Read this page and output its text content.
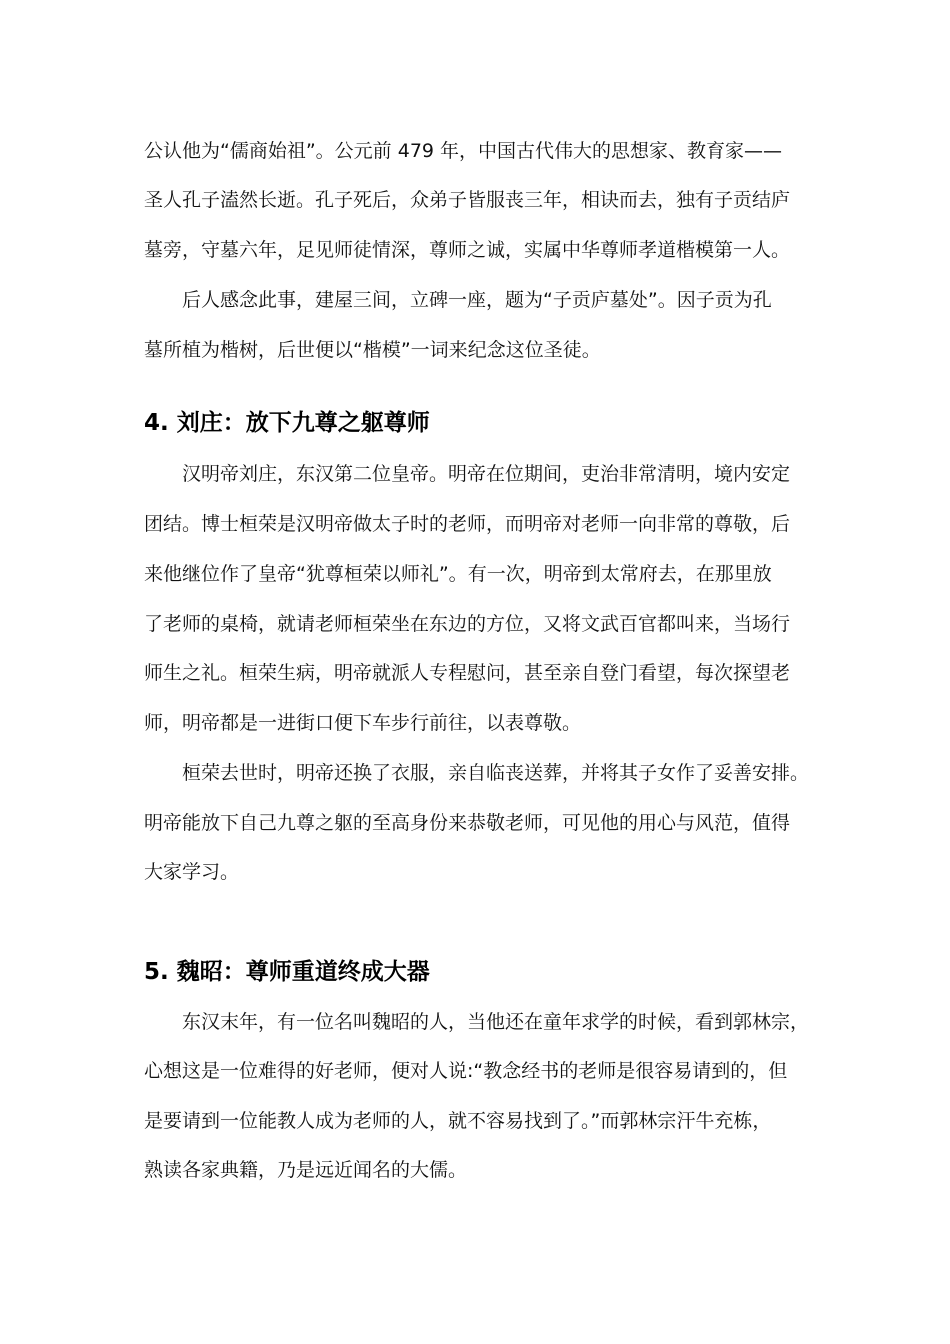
公认他为“儒商始祖”。公元前 479 年，中国古代伟大的思想家、教育家——
圣人孔子溘然长逝。孔子死后，众弟子皆服丧三年，相诀而去，独有子贡结庐
墓旁，守墓六年，足见师徒情深，尊师之诚，实属中华尊师孝道楷模第一人。
后人感念此事，建屋三间，立碑一座，题为“子贡庐墓处”。因子贡为孔
墓所植为楷树，后世便以“楷模”一词来纪念这位圣徒。
4. 刘庄：放下九尊之躯尊师
汉明帝刘庄，东汉第二位皇帝。明帝在位期间，吏治非常清明，境内安定
团结。博士桓荣是汉明帝做太子时的老师，而明帝对老师一向非常的尊敬，后
来他继位作了皇帝“犹尊桓荣以师礼”。有一次，明帝到太常府去，在那里放
了老师的桌椅，就请老师桓荣坐在东边的方位，又将文武百官都叫来，当场行
师生之礼。桓荣生病，明帝就派人专程慰问，甚至亲自登门看望，每次探望老
师，明帝都是一进街口便下车步行前往，以表尊敬。
桓荣去世时，明帝还换了衣服，亲自临丧送葬，并将其子女作了妥善安排。
明帝能放下自己九尊之躯的至高身份来恭敬老师，可见他的用心与风范，值得
大家学习。
5. 魏昭：尊师重道终成大器
东汉末年，有一位名叫魏昭的人，当他还在童年求学的时候，看到郭林宗，
心想这是一位难得的好老师，便对人说:“教念经书的老师是很容易请到的，但
是要请到一位能教人成为老师的人，就不容易找到了。”而郭林宗汗牛充栋，
熟读各家典籍，乃是远近闻名的大儒。
